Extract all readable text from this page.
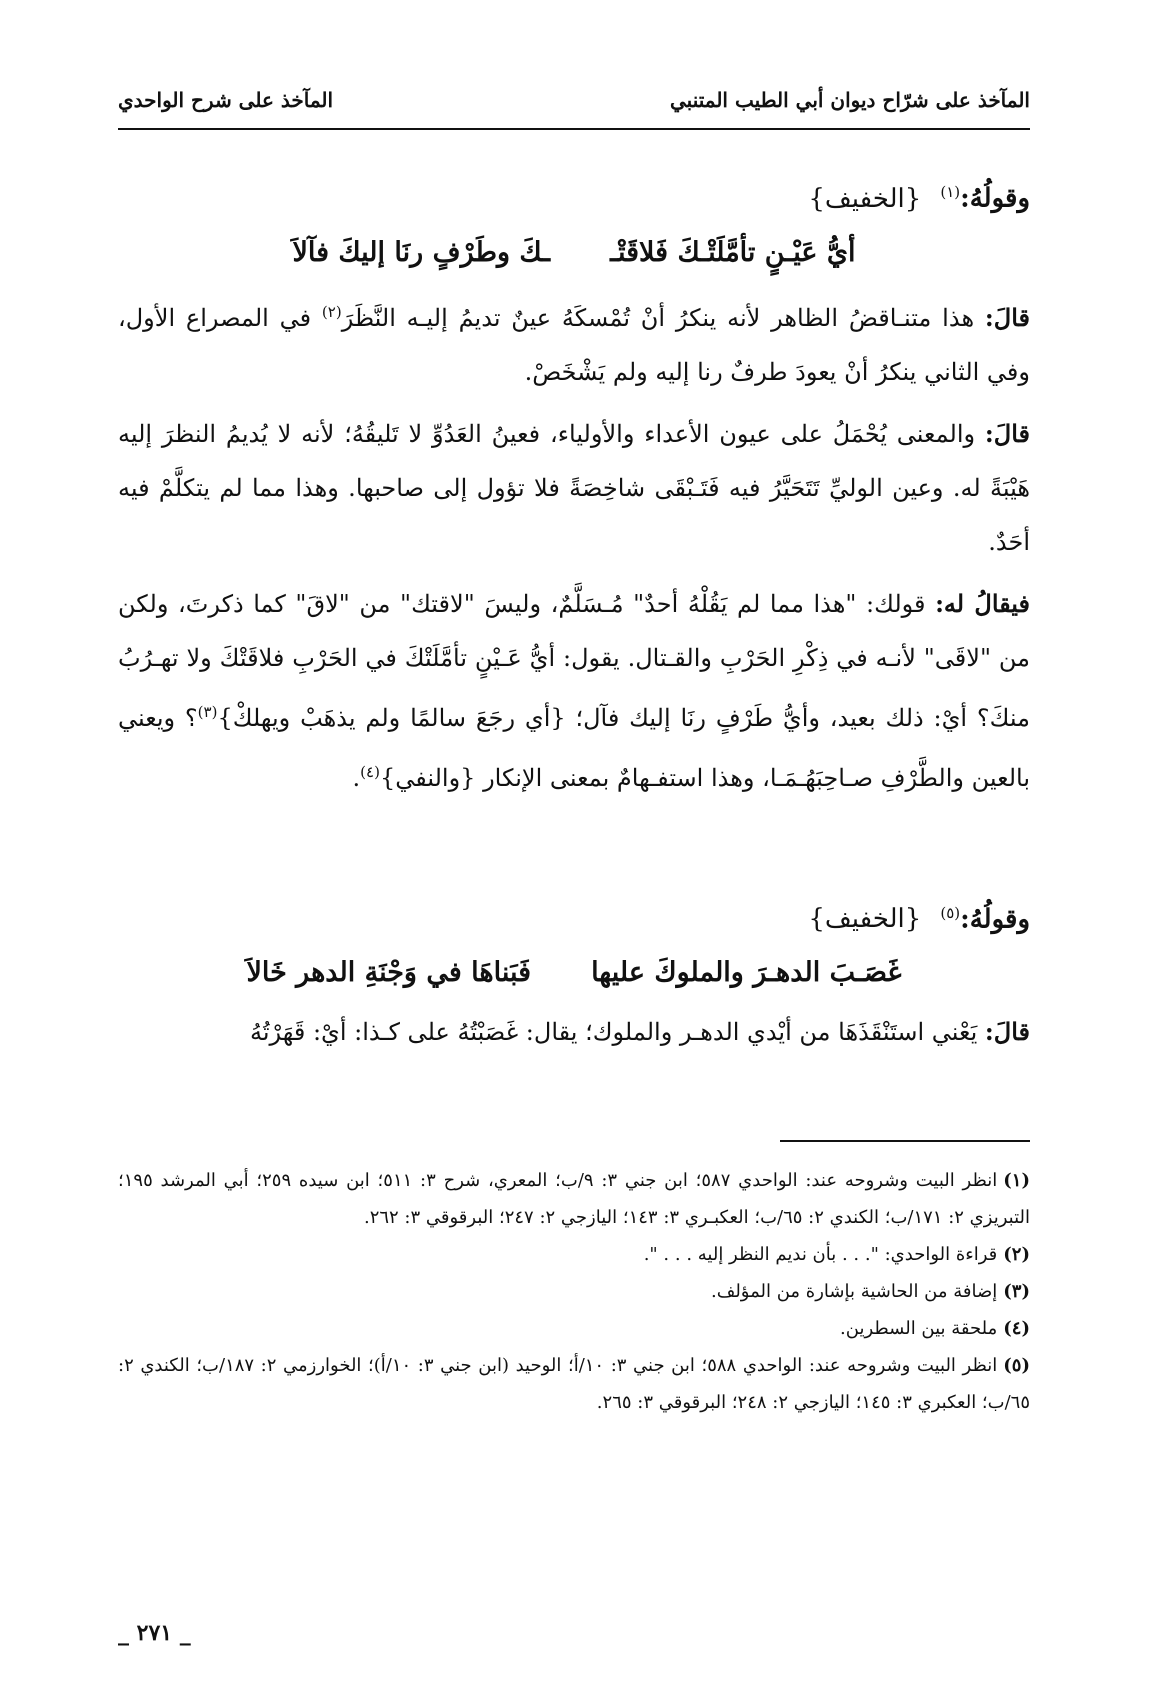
المآخذ على شرّاح ديوان أبي الطيب المتنبي
المآخذ على شرح الواحدي
وقولُهُ:$^{(١)}$ {الخفيف}
أيُّ عَيْـنٍ تأمَّلَتْـكَ فَلاقَتْـ
ـكَ وطَرْفٍ رنَا إليكَ فآلاَ

قالَ: هذا متنـاقضُ الظاهر لأنه ينكرُ أنْ تُمْسكَهُ عينٌ تديمُ إليـه النَّظَرَ$^{(٢)}$ في المصراع الأول، وفي الثاني ينكرُ أنْ يعودَ طرفٌ رنا إليه ولم يَشْخَصْ.

قالَ: والمعنى يُحْمَلُ على عيون الأعداء والأولياء، فعينُ العَدُوِّ لا تَليقُهُ؛ لأنه لا يُديمُ النظرَ إليه هَيْبَةً له. وعين الوليِّ تَتَحَيَّرُ فيه فَتَـبْقَى شاخِصَةً فلا تؤول إلى صاحبها. وهذا مما لم يتكلَّمْ فيه أحَدٌ.

فيقالُ له: قولك: "هذا مما لم يَقُلْهُ أحدٌ" مُـسَلَّمٌ، وليسَ "لاقتك" من "لاقَ" كما ذكرتَ، ولكن من "لاقَى" لأنـه في ذِكْرِ الحَرْبِ والقـتال. يقول: أيُّ عَـيْنٍ تأمَّلَتْكَ في الحَرْبِ فلاقَتْكَ ولا تهـرُبُ منكَ؟ أيْ: ذلك بعيد، وأيُّ طَرْفٍ رنَا إليك فآل؛ {أي رجَعَ سالمًا ولم يذهَبْ ويهلكْ}$^{(٣)}$؟ ويعني بالعين والطَّرْفِ صـاحِبَهُـمَـا، وهذا استفـهامٌ بمعنى الإنكار {والنفي}$^{(٤)}$.

وقولُهُ:$^{(٥)}$ {الخفيف}
غَصَـبَ الدهـرَ والملوكَ عليها
فَبَناهَا في وَجْنَةِ الدهر خَالاَ

قالَ: يَعْني استَنْقَذَهَا من أيْدي الدهـر والملوك؛ يقال: غَصَبْتُهُ على كـذا: أيْ: قَهَرْتُهُ

(١)انظر البيت وشروحه عند: الواحدي ٥٨٧؛ ابن جني ٣: ٩/ب؛ المعري، شرح ٣: ٥١١؛ ابن سيده ٢٥٩؛ أبي المرشد ١٩٥؛ التبريزي ٢: ١٧١/ب؛ الكندي ٢: ٦٥/ب؛ العكبـري ٣: ١٤٣؛ اليازجي ٢: ٢٤٧؛ البرقوقي ٣: ٢٦٢.

(٢)قراءة الواحدي: ". . . بأن نديم النظر إليه . . . ".

(٣)إضافة من الحاشية بإشارة من المؤلف.

(٤)ملحقة بين السطرين.

(٥)انظر البيت وشروحه عند: الواحدي ٥٨٨؛ ابن جني ٣: ١٠/أ؛ الوحيد (ابن جني ٣: ١٠/أ)؛ الخوارزمي ٢: ١٨٧/ب؛ الكندي ٢: ٦٥/ب؛ العكبري ٣: ١٤٥؛ اليازجي ٢: ٢٤٨؛ البرقوقي ٣: ٢٦٥.

_ ٢٧١ _
